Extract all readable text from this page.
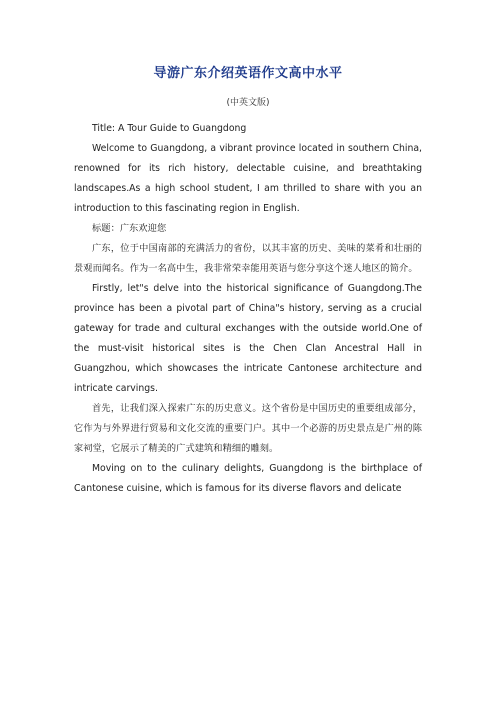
导游广东介绍英语作文高中水平
(中英文版)

Title: A Tour Guide to Guangdong

Welcome to Guangdong, a vibrant province located in southern China, renowned for its rich history, delectable cuisine, and breathtaking landscapes.As a high school student, I am thrilled to share with you an introduction to this fascinating region in English.

标题：广东欢迎您

广东，位于中国南部的充满活力的省份，以其丰富的历史、美味的菜肴和壮丽的景观而闻名。作为一名高中生，我非常荣幸能用英语与您分享这个迷人地区的简介。

Firstly, let"s delve into the historical significance of Guangdong.The province has been a pivotal part of China"s history, serving as a crucial gateway for trade and cultural exchanges with the outside world.One of the must-visit historical sites is the Chen Clan Ancestral Hall in Guangzhou, which showcases the intricate Cantonese architecture and intricate carvings.

首先，让我们深入探索广东的历史意义。这个省份是中国历史的重要组成部分，它作为与外界进行贸易和文化交流的重要门户。其中一个必游的历史景点是广州的陈家祠堂，它展示了精美的广式建筑和精细的雕刻。

Moving on to the culinary delights, Guangdong is the birthplace of Cantonese cuisine, which is famous for its diverse flavors and delicate
